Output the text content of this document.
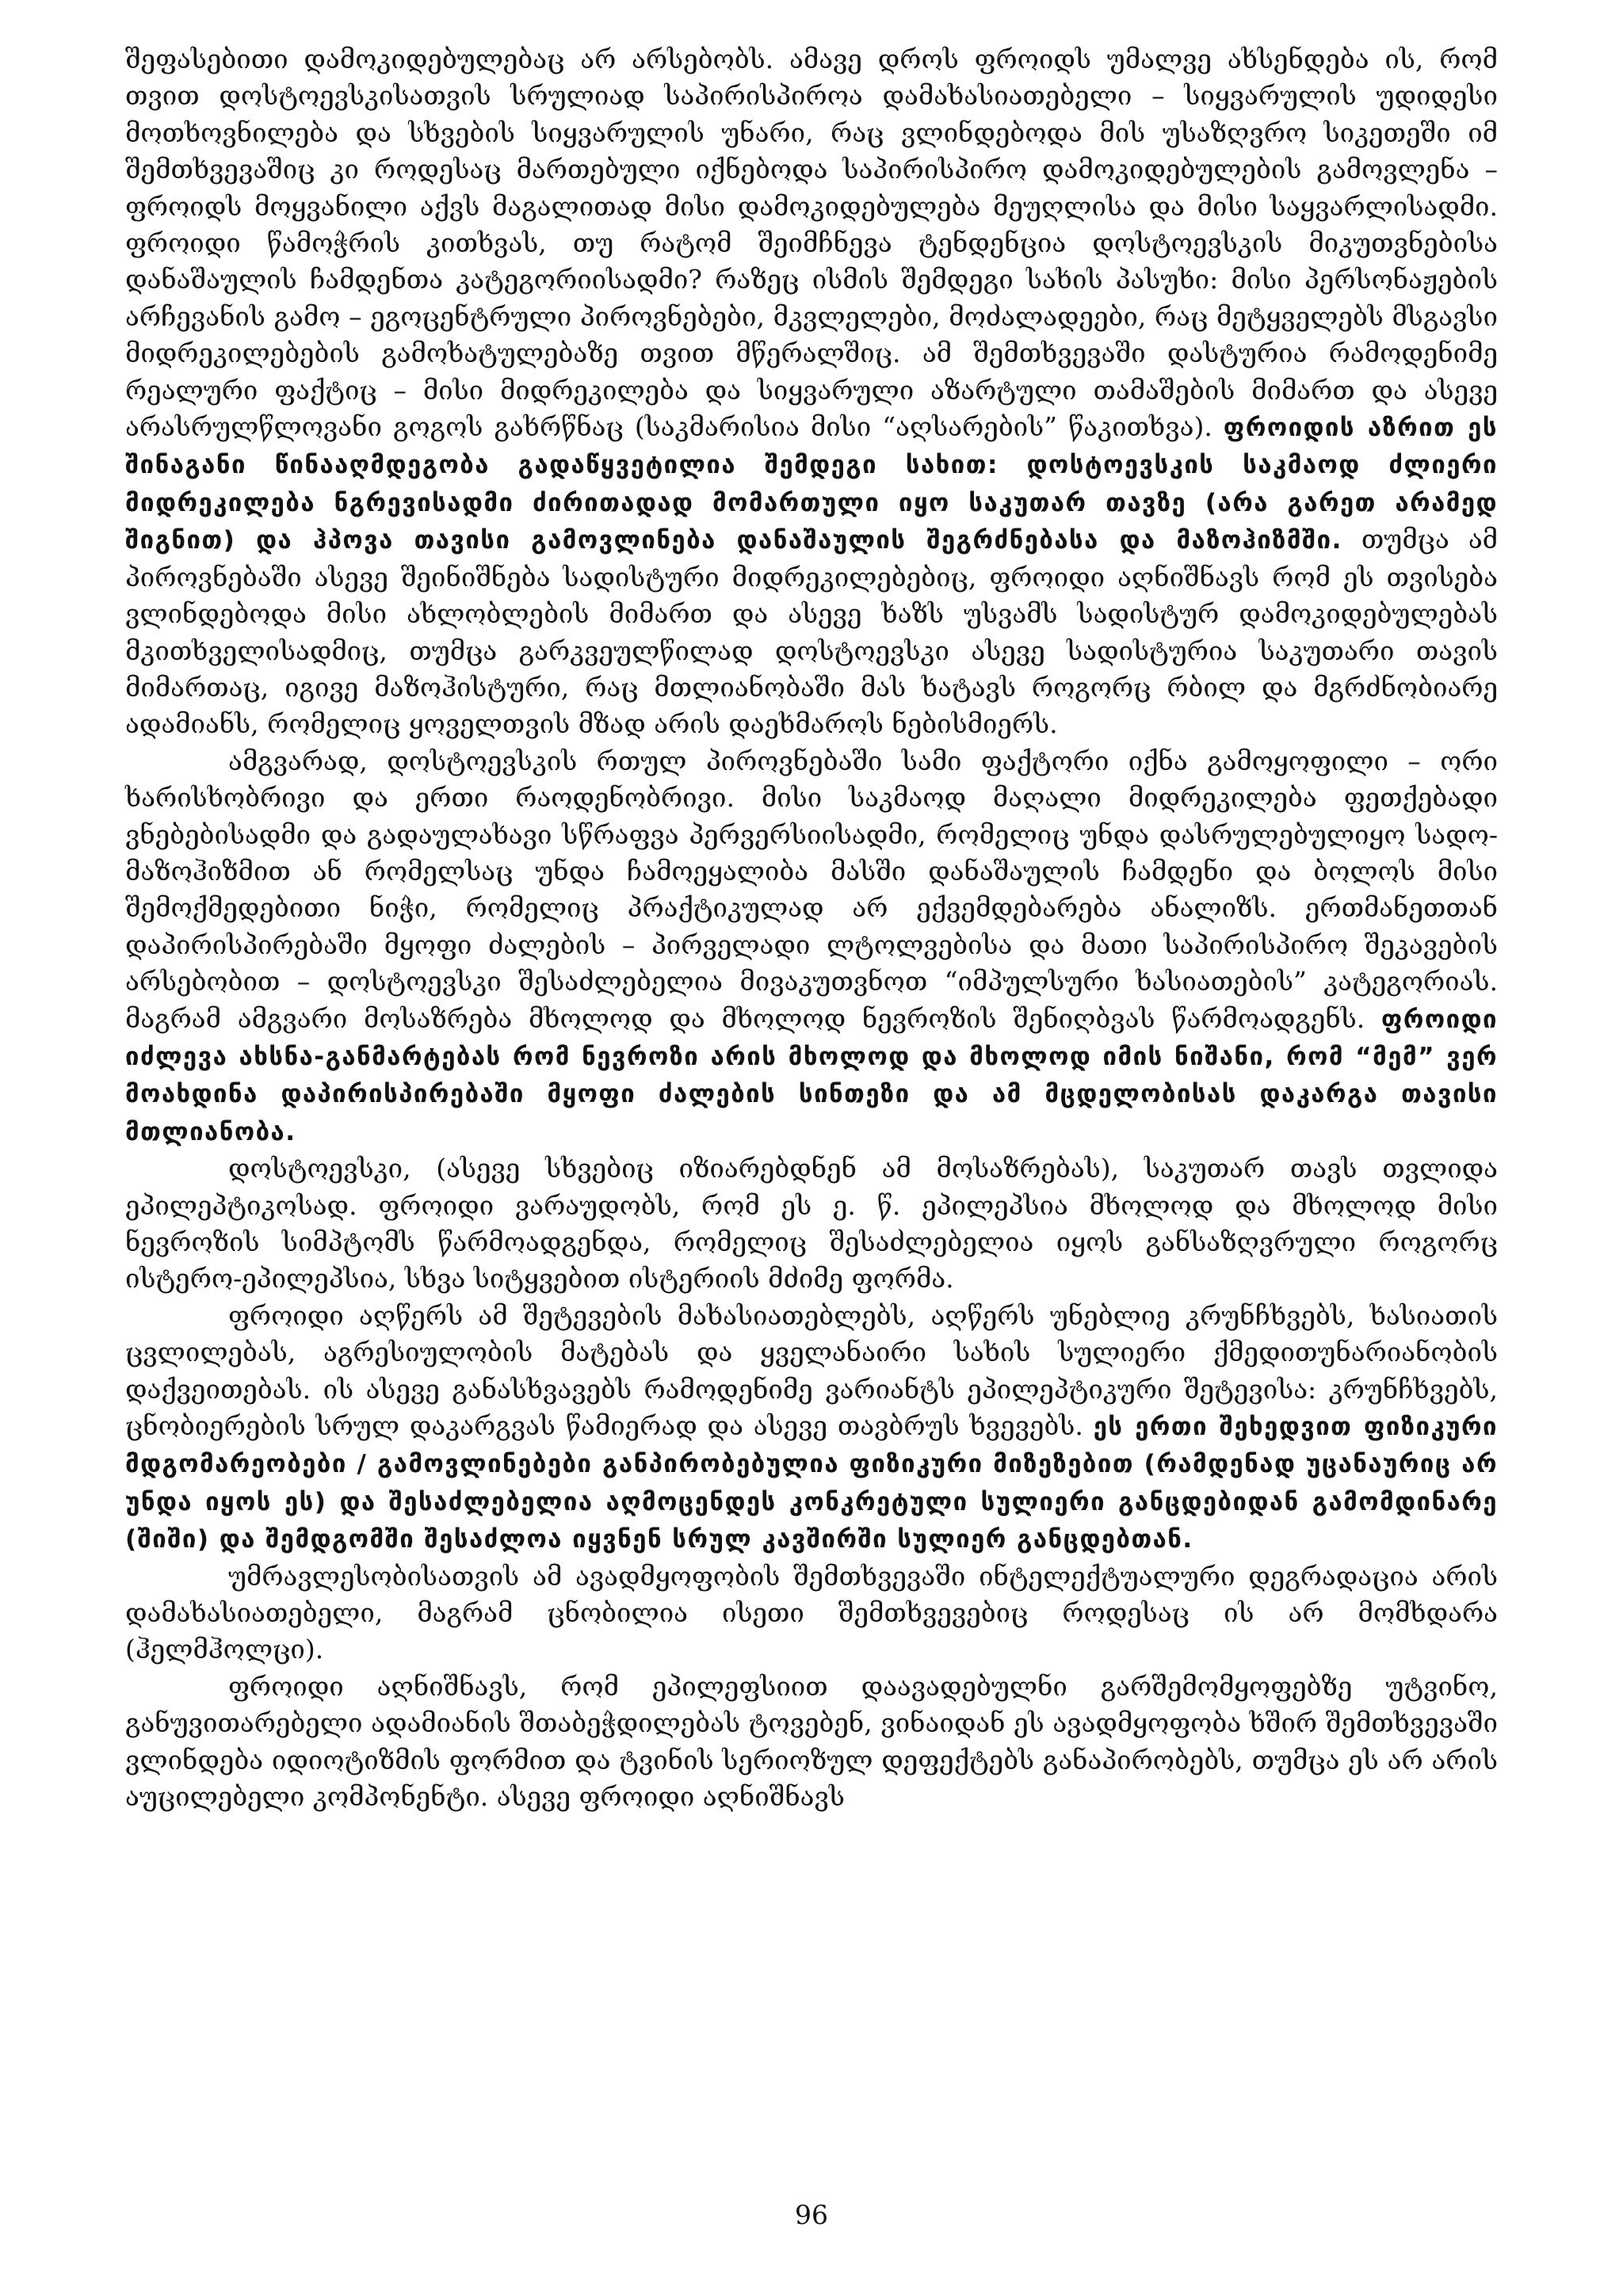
შეფასებითი დამოკიდებულებაც არ არსებობს. ამავე დროს ფროიდს უმალვე ახსენდება ის, რომ თვით დოსტოევსკისათვის სრულიად საპირისპიროა დამახასიათებელი – სიყვარულის უდიდესი მოთხოვნილება და სხვების სიყვარულის უნარი, რაც ვლინდებოდა მის უსაზღვრო სიკეთეში იმ შემთხვევაშიც კი როდესაც მართებული იქნებოდა საპირისპირო დამოკიდებულების გამოვლენა – ფროიდს მოყვანილი აქვს მაგალითად მისი დამოკიდებულება მეუღლისა და მისი საყვარლისადმი. ფროიდი წამოჭრის კითხვას, თუ რატომ შეიმჩნევა ტენდენცია დოსტოევსკის მიკუთვნებისა დანაშაულის ჩამდენთა კატეგორიისადმი? რაზეც ისმის შემდეგი სახის პასუხი: მისი პერსონაჟების არჩევანის გამო – ეგოცენტრული პიროვნებები, მკვლელები, მოძალადეები, რაც მეტყველებს მსგავსი მიდრეკილებების გამოხატულებაზე თვით მწერალშიც. ამ შემთხვევაში დასტურია რამოდენიმე რეალური ფაქტიც – მისი მიდრეკილება და სიყვარული აზარტული თამაშების მიმართ და ასევე არასრულწლოვანი გოგოს გახრწნაც (საკმარისია მისი “აღსარების” წაკითხვა). ფროიდის აზრით ეს შინაგანი წინააღმდეგობა გადაწყვეტილია შემდეგი სახით: დოსტოევსკის საკმაოდ ძლიერი მიდრეკილება ნგრევისადმი ძირითადად მომართული იყო საკუთარ თავზე (არა გარეთ არამედ შიგნით) და ჰპოვა თავისი გამოვლინება დანაშაულის შეგრძნებასა და მაზოჰიზმში. თუმცა ამ პიროვნებაში ასევე შეინიშნება სადისტური მიდრეკილებებიც, ფროიდი აღნიშნავს რომ ეს თვისება ვლინდებოდა მისი ახლობლების მიმართ და ასევე ხაზს უსვამს სადისტურ დამოკიდებულებას მკითხველისადმიც, თუმცა გარკვეულწილად დოსტოევსკი ასევე სადისტურია საკუთარი თავის მიმართაც, იგივე მაზოჰისტური, რაც მთლიანობაში მას ხატავს როგორც რბილ და მგრძნობიარე ადამიანს, რომელიც ყოველთვის მზად არის დაეხმაროს ნებისმიერს.

ამგვარად, დოსტოევსკის რთულ პიროვნებაში სამი ფაქტორი იქნა გამოყოფილი – ორი ხარისხობრივი და ერთი რაოდენობრივი. მისი საკმაოდ მაღალი მიდრეკილება ფეთქებადი ვნებებისადმი და გადაულახავი სწრაფვა პერვერსიისადმი, რომელიც უნდა დასრულებულიყო სადო-მაზოჰიზმით ან რომელსაც უნდა ჩამოეყალიბა მასში დანაშაულის ჩამდენი და ბოლოს მისი შემოქმედებითი ნიჭი, რომელიც პრაქტიკულად არ ექვემდებარება ანალიზს. ერთმანეთთან დაპირისპირებაში მყოფი ძალების – პირველადი ლტოლვებისა და მათი საპირისპირო შეკავების არსებობით – დოსტოევსკი შესაძლებელია მივაკუთვნოთ “იმპულსური ხასიათების” კატეგორიას. მაგრამ ამგვარი მოსაზრება მხოლოდ და მხოლოდ ნევროზის შენიღბვას წარმოადგენს. ფროიდი იძლევა ახსნა-განმარტებას რომ ნევროზი არის მხოლოდ და მხოლოდ იმის ნიშანი, რომ “მემ” ვერ მოახდინა დაპირისპირებაში მყოფი ძალების სინთეზი და ამ მცდელობისას დაკარგა თავისი მთლიანობა.

დოსტოევსკი, (ასევე სხვებიც იზიარებდნენ ამ მოსაზრებას), საკუთარ თავს თვლიდა ეპილეპტიკოსად. ფროიდი ვარაუდობს, რომ ეს ე. წ. ეპილეპსია მხოლოდ და მხოლოდ მისი ნევროზის სიმპტომს წარმოადგენდა, რომელიც შესაძლებელია იყოს განსაზღვრული როგორც ისტერო-ეპილეპსია, სხვა სიტყვებით ისტერიის მძიმე ფორმა.

ფროიდი აღწერს ამ შეტევების მახასიათებლებს, აღწერს უნებლიე კრუნჩხვებს, ხასიათის ცვლილებას, აგრესიულობის მატებას და ყველანაირი სახის სულიერი ქმედითუნარიანობის დაქვეითებას. ის ასევე განასხვავებს რამოდენიმე ვარიანტს ეპილეპტიკური შეტევისა: კრუნჩხვებს, ცნობიერების სრულ დაკარგვას წამიერად და ასევე თავბრუს ხვევებს. ეს ერთი შეხედვით ფიზიკური მდგომარეობები / გამოვლინებები განპირობებულია ფიზიკური მიზეზებით (რამდენად უცანაურიც არ უნდა იყოს ეს) და შესაძლებელია აღმოცენდეს კონკრეტული სულიერი განცდებიდან გამომდინარე (შიში) და შემდგომში შესაძლოა იყვნენ სრულ კავშირში სულიერ განცდებთან.

უმრავლესობისათვის ამ ავადმყოფობის შემთხვევაში ინტელექტუალური დეგრადაცია არის დამახასიათებელი, მაგრამ ცნობილია ისეთი შემთხვევებიც როდესაც ის არ მომხდარა (ჰელმჰოლცი).

ფროიდი აღნიშნავს, რომ ეპილეფსიით დაავადებულნი გარშემომყოფებზე უტვინო, განუვითარებელი ადამიანის შთაბეჭდილებას ტოვებენ, ვინაიდან ეს ავადმყოფობა ხშირ შემთხვევაში ვლინდება იდიოტიზმის ფორმით და ტვინის სერიოზულ დეფექტებს განაპირობებს, თუმცა ეს არ არის აუცილებელი კომპონენტი. ასევე ფროიდი აღნიშნავს

96
